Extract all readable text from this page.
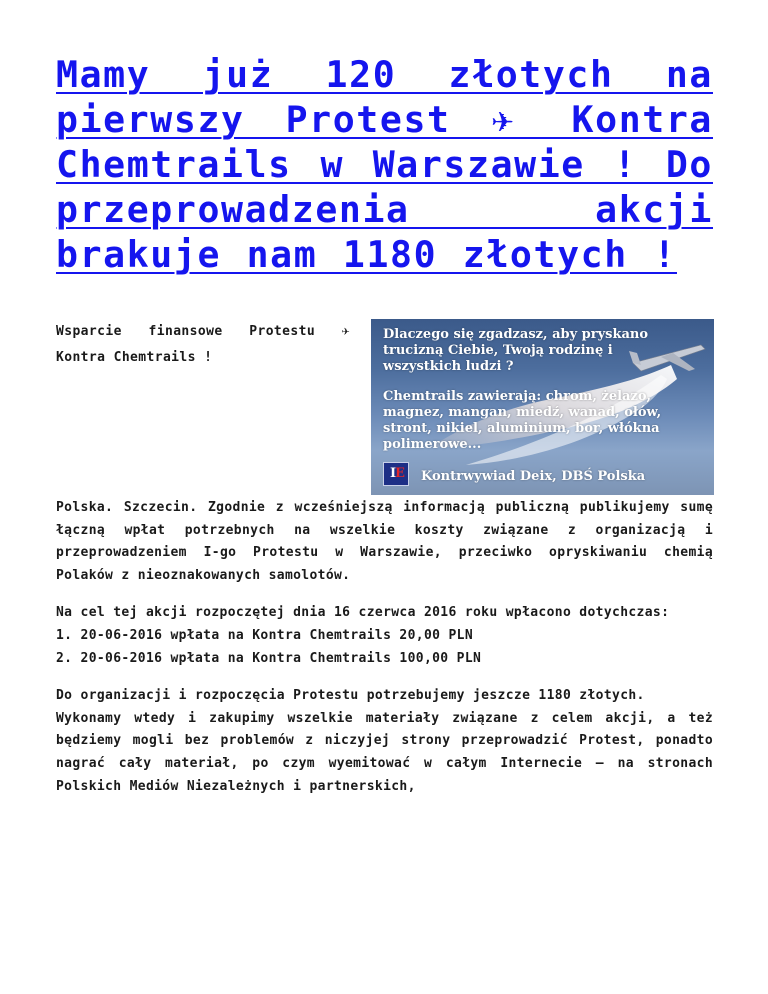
Mamy już 120 złotych na pierwszy Protest ✈ Kontra Chemtrails w Warszawie ! Do przeprowadzenia akcji brakuje nam 1180 złotych !
Wsparcie finansowe Protestu ✈ Kontra Chemtrails !
Dlaczego się zgadzasz, aby pryskano trucizną Ciebie, Twoją rodzinę i wszystkich ludzi ?
Chemtrails zawierają: chrom, żelazo, magnez, mangan, miedź, wanad, ołów, stront, nikiel, aluminium, bor, włókna polimerowe...
I
E Kontrwywiad Deix, DBŚ Polska

Polska. Szczecin. Zgodnie z wcześniejszą informacją publiczną publikujemy sumę łączną wpłat potrzebnych na wszelkie koszty związane z organizacją i przeprowadzeniem I-go Protestu w Warszawie, przeciwko opryskiwaniu chemią Polaków z nieoznakowanych samolotów.

Na cel tej akcji rozpoczętej dnia 16 czerwca 2016 roku wpłacono dotychczas:

1. 20-06-2016 wpłata na Kontra Chemtrails 20,00 PLN

2. 20-06-2016 wpłata na Kontra Chemtrails 100,00 PLN

Do organizacji i rozpoczęcia Protestu potrzebujemy jeszcze 1180 złotych.

Wykonamy wtedy i zakupimy wszelkie materiały związane z celem akcji, a też będziemy mogli bez problemów z niczyjej strony przeprowadzić Protest, ponadto nagrać cały materiał, po czym wyemitować w całym Internecie – na stronach Polskich Mediów Niezależnych i partnerskich,
